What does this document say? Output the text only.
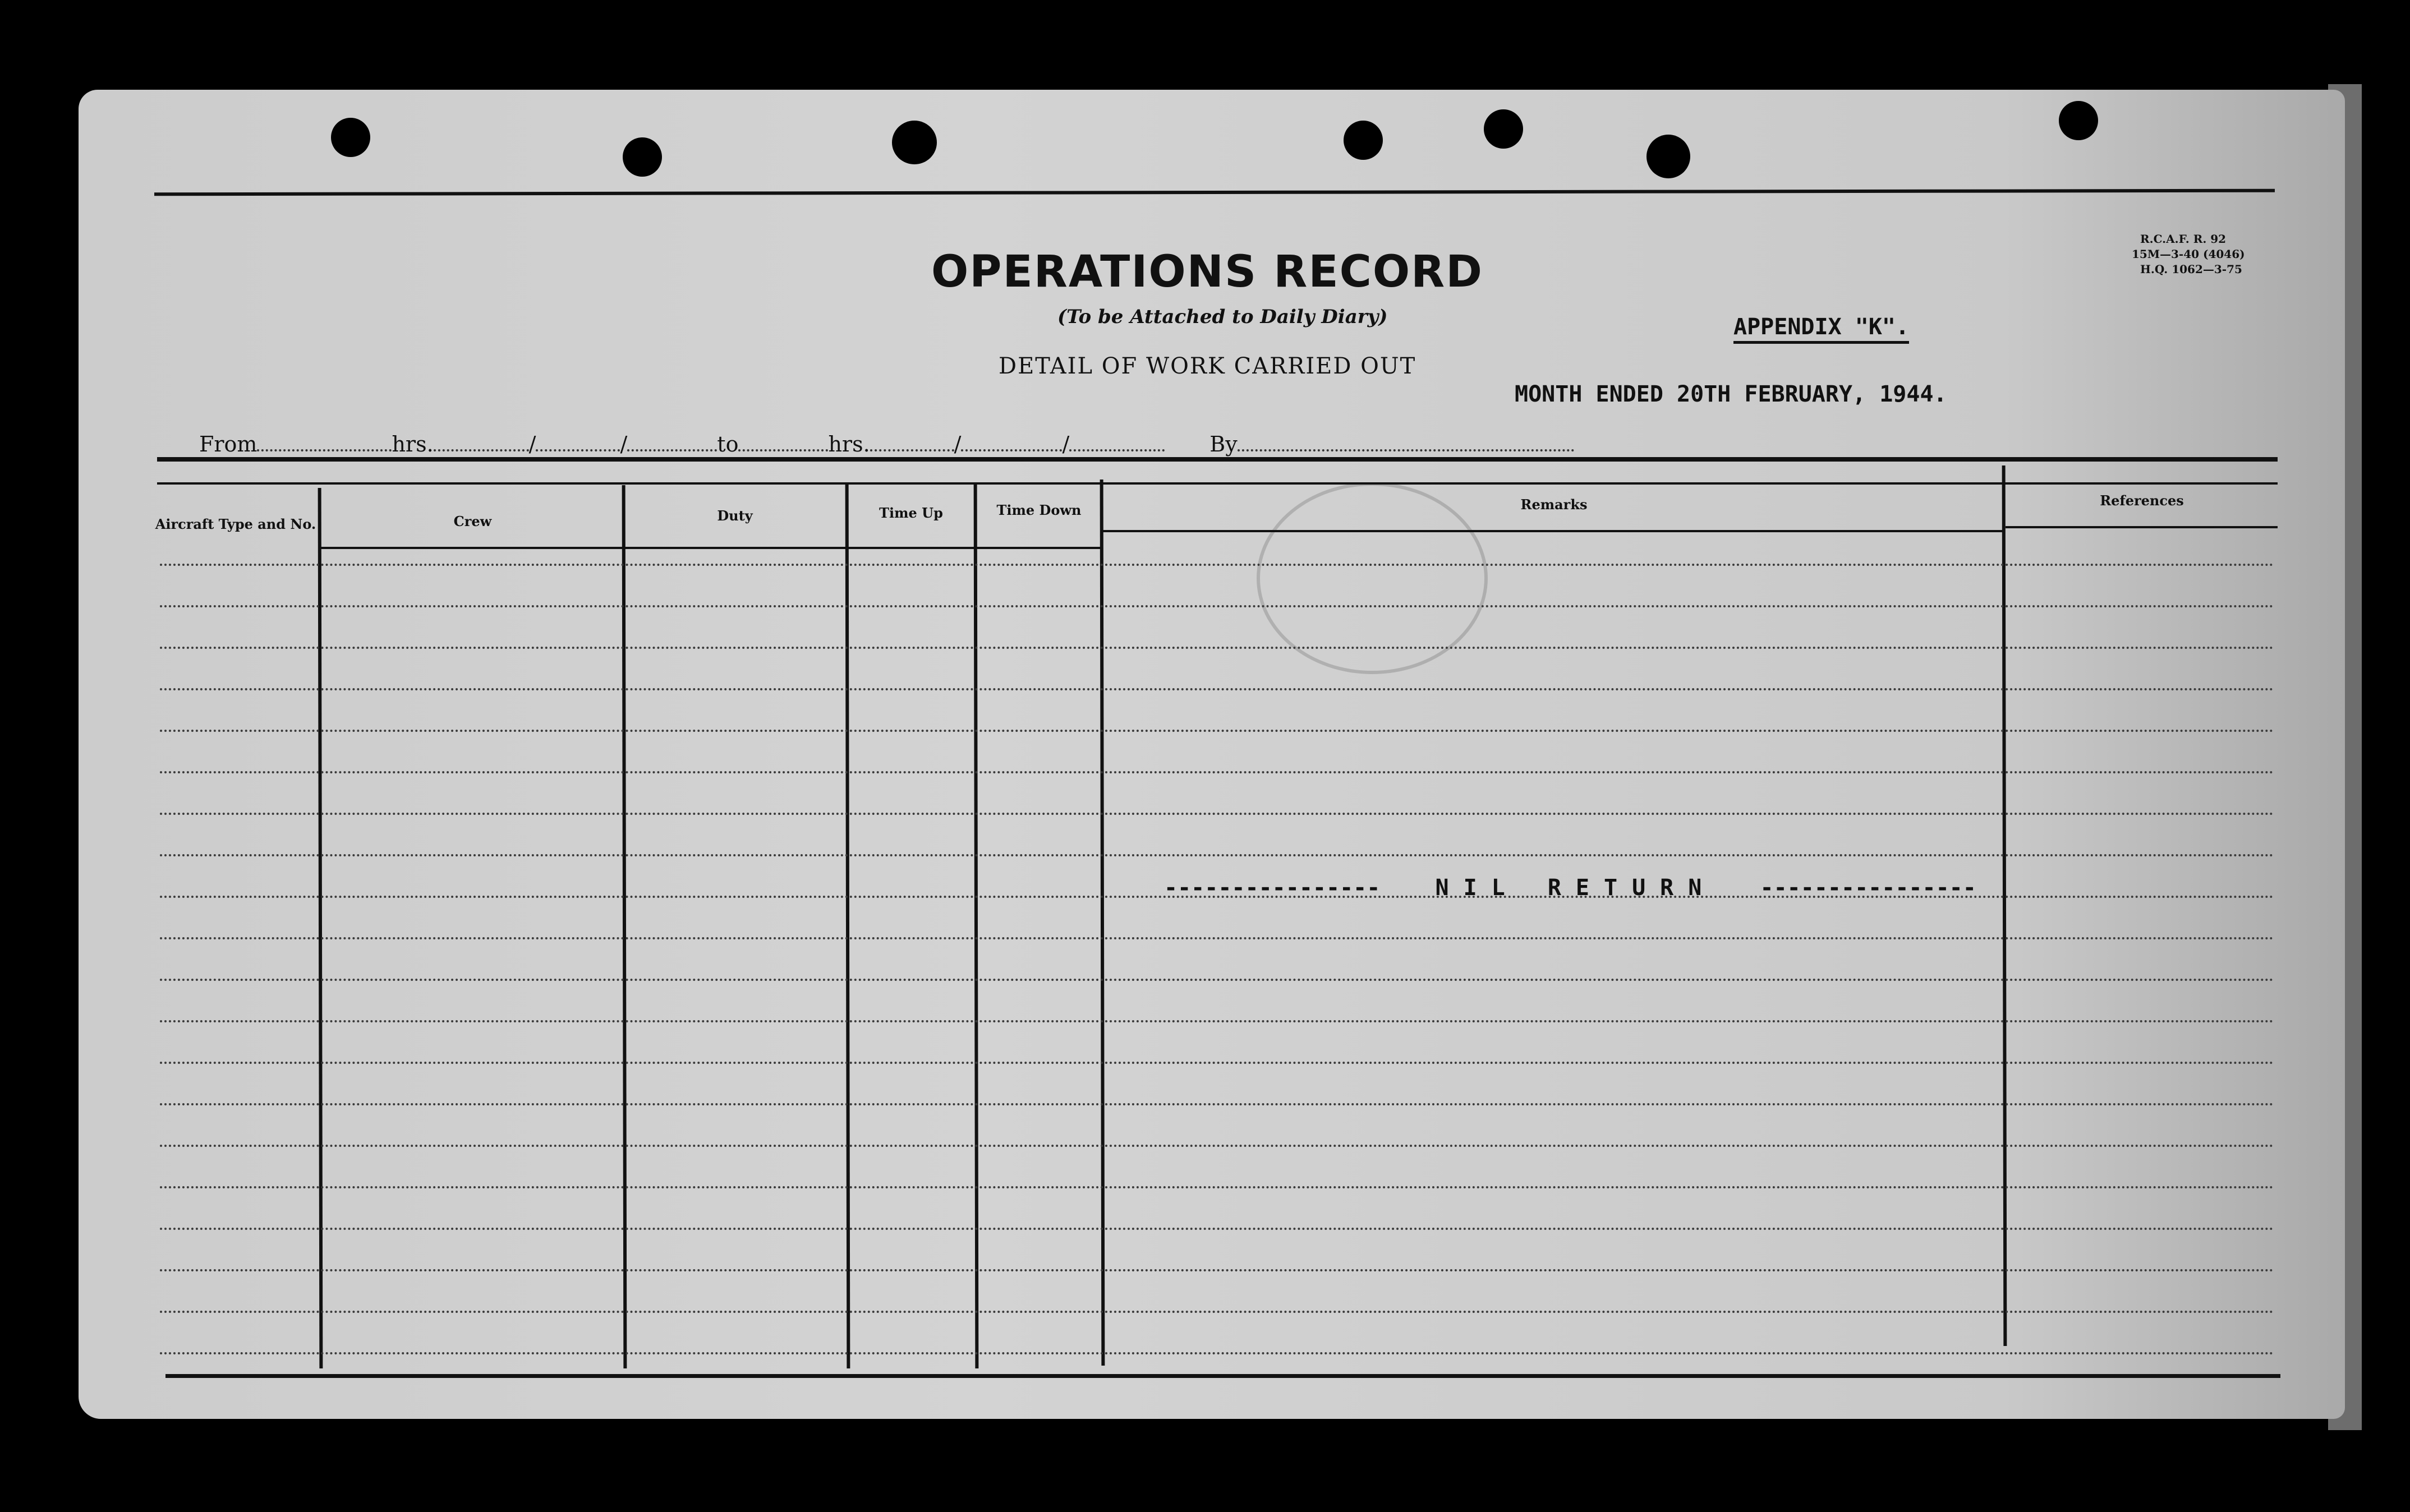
OPERATIONS RECORD
(To be Attached to Daily Diary)
DETAIL OF WORK CARRIED OUT
R.C.A.F. R. 92
15M—3-40 (4046)
H.Q. 1062—3-75
APPENDIX "K".
MONTH ENDED 20TH FEBRUARY, 1944.
From	hrs.	/	/	to	hrs.	/	/	By
Aircraft Type and No.	Crew	Duty	Time Up	Time Down	Remarks	References
---------------- NIL RETURN ----------------
